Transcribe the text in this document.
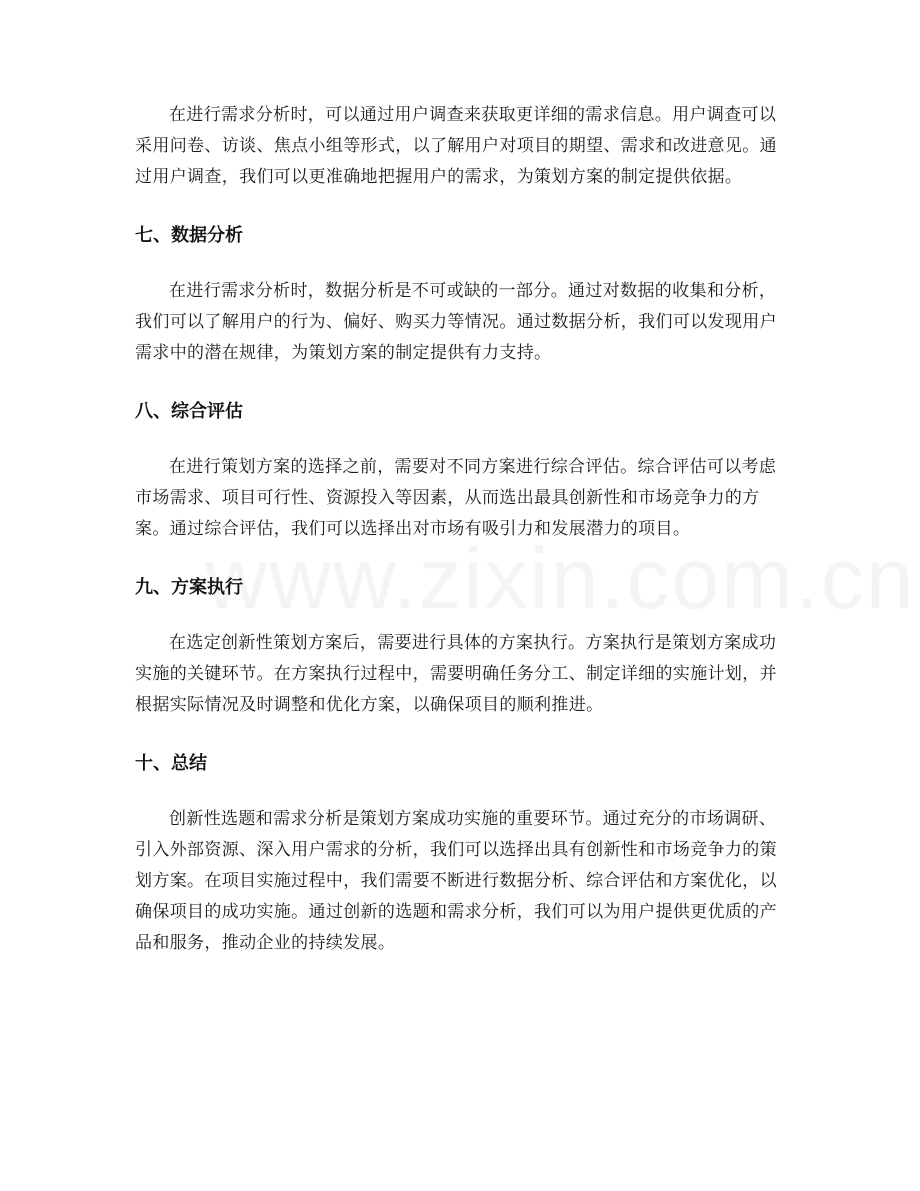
在进行需求分析时，可以通过用户调查来获取更详细的需求信息。用户调查可以采用问卷、访谈、焦点小组等形式，以了解用户对项目的期望、需求和改进意见。通过用户调查，我们可以更准确地把握用户的需求，为策划方案的制定提供依据。

七、数据分析

在进行需求分析时，数据分析是不可或缺的一部分。通过对数据的收集和分析，我们可以了解用户的行为、偏好、购买力等情况。通过数据分析，我们可以发现用户需求中的潜在规律，为策划方案的制定提供有力支持。

八、综合评估

在进行策划方案的选择之前，需要对不同方案进行综合评估。综合评估可以考虑市场需求、项目可行性、资源投入等因素，从而选出最具创新性和市场竞争力的方案。通过综合评估，我们可以选择出对市场有吸引力和发展潜力的项目。

九、方案执行

在选定创新性策划方案后，需要进行具体的方案执行。方案执行是策划方案成功实施的关键环节。在方案执行过程中，需要明确任务分工、制定详细的实施计划，并根据实际情况及时调整和优化方案，以确保项目的顺利推进。

十、总结

创新性选题和需求分析是策划方案成功实施的重要环节。通过充分的市场调研、引入外部资源、深入用户需求的分析，我们可以选择出具有创新性和市场竞争力的策划方案。在项目实施过程中，我们需要不断进行数据分析、综合评估和方案优化，以确保项目的成功实施。通过创新的选题和需求分析，我们可以为用户提供更优质的产品和服务，推动企业的持续发展。
